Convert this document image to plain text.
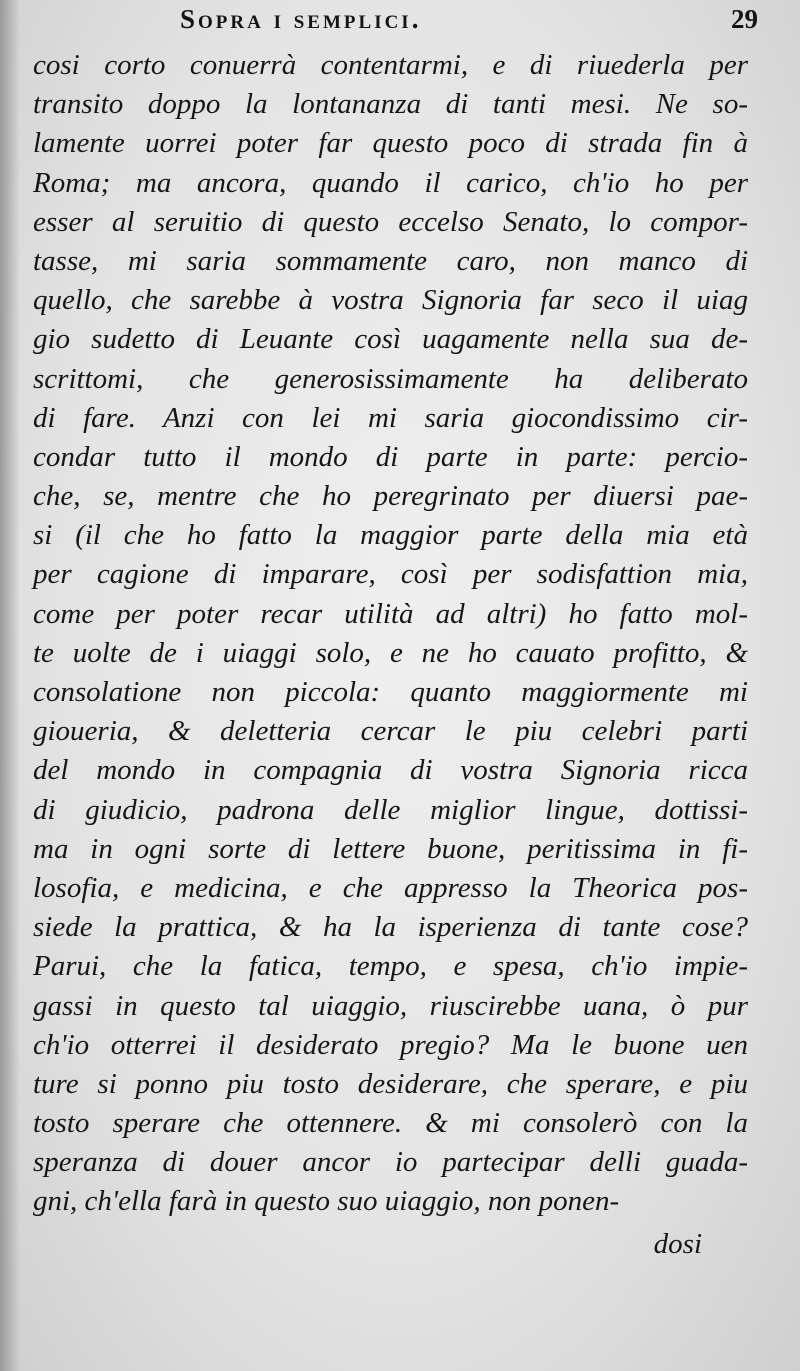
Sopra i semplici.	29
cosi corto conuerrà contentarmi, e di riuederla per
transito doppo la lontananza di tanti mesi. Ne so-
lamente uorrei poter far questo poco di strada fin à
Roma; ma ancora, quando il carico, ch'io ho per
esser al seruitio di questo eccelso Senato, lo compor-
tasse, mi saria sommamente caro, non manco di
quello, che sarebbe à vostra Signoria far seco il uiag
gio sudetto di Leuante così uagamente nella sua de-
scrittomi, che generosissimamente ha deliberato
di fare. Anzi con lei mi saria giocondissimo cir-
condar tutto il mondo di parte in parte: percio-
che, se, mentre che ho peregrinato per diuersi pae-
si (il che ho fatto la maggior parte della mia età
per cagione di imparare, così per sodisfattion mia,
come per poter recar utilità ad altri) ho fatto mol-
te uolte de i uiaggi solo, e ne ho cauato profitto, &
consolatione non piccola: quanto maggiormente mi
gioueria, & deletteria cercar le piu celebri parti
del mondo in compagnia di vostra Signoria ricca
di giudicio, padrona delle miglior lingue, dottissi-
ma in ogni sorte di lettere buone, peritissima in fi-
losofia, e medicina, e che appresso la Theorica pos-
siede la prattica, & ha la isperienza di tante cose?
Parui, che la fatica, tempo, e spesa, ch'io impie-
gassi in questo tal uiaggio, riuscirebbe uana, ò pur
ch'io otterrei il desiderato pregio? Ma le buone uen
ture si ponno piu tosto desiderare, che sperare, e piu
tosto sperare che ottennere. & mi consolerò con la
speranza di douer ancor io partecipar delli guada-
gni, ch'ella farà in questo suo uiaggio, non ponen-
dosi
